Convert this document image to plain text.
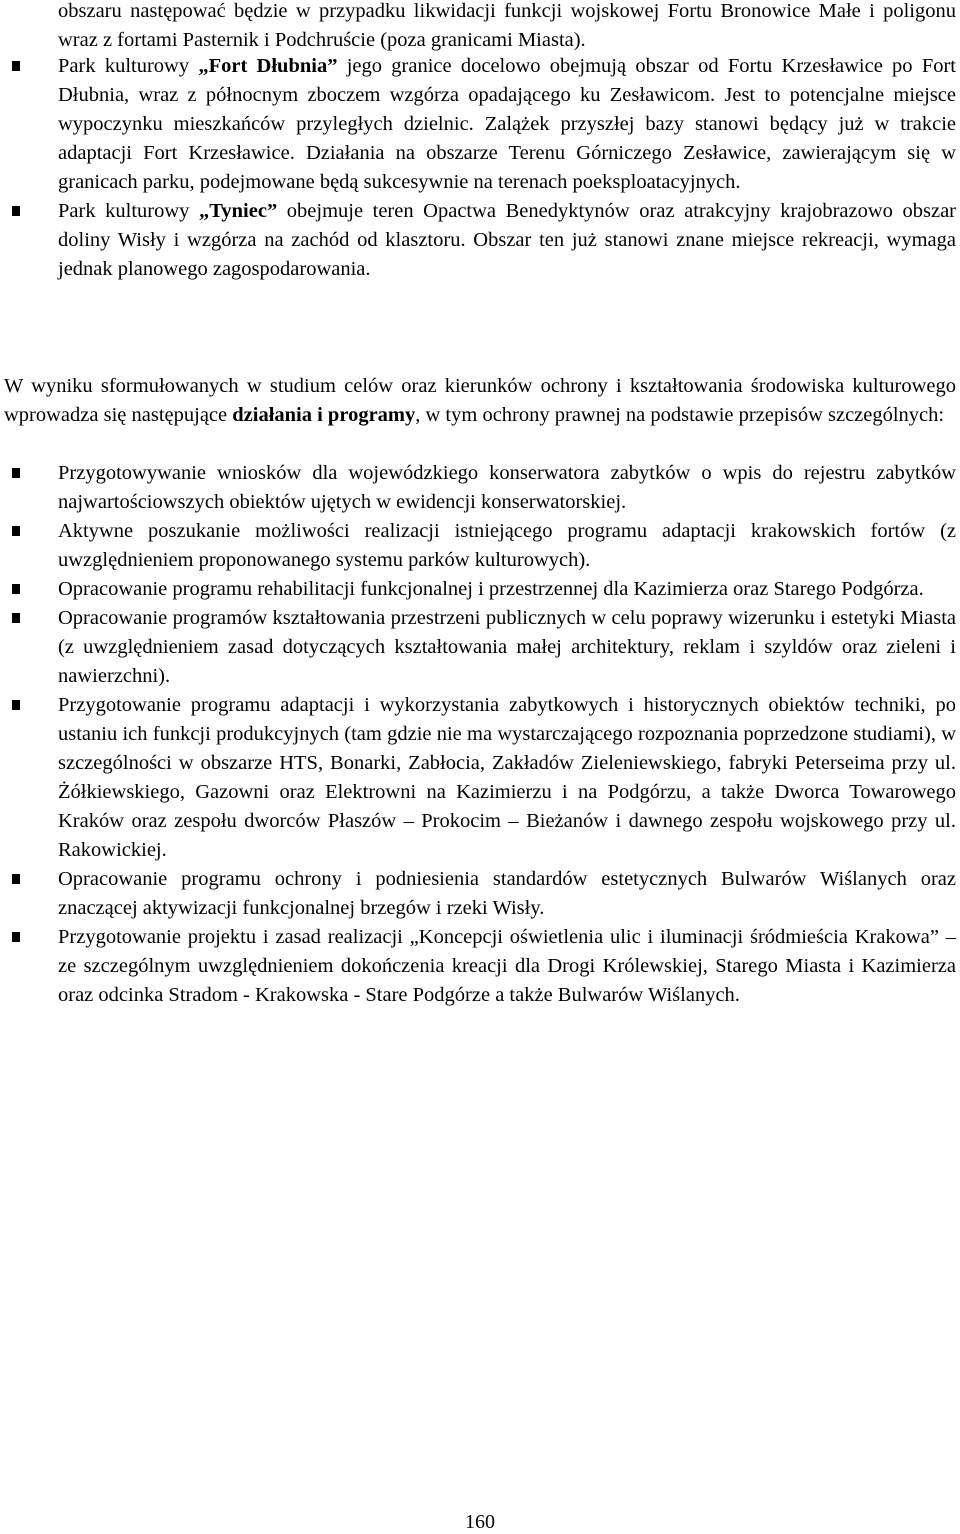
obszaru następować będzie w przypadku likwidacji funkcji wojskowej Fortu Bronowice Małe i poligonu wraz z fortami Pasternik i Podchruście (poza granicami Miasta).

Park kulturowy „Fort Dłubnia” jego granice docelowo obejmują obszar od Fortu Krzesławice po Fort Dłubnia, wraz z północnym zboczem wzgórza opadającego ku Zesławicom. Jest to potencjalne miejsce wypoczynku mieszkańców przyległych dzielnic. Zalążek przyszłej bazy stanowi będący już w trakcie adaptacji Fort Krzesławice. Działania na obszarze Terenu Górniczego Zesławice, zawierającym się w granicach parku, podejmowane będą sukcesywnie na terenach poeksploatacyjnych.
Park kulturowy „Tyniec” obejmuje teren Opactwa Benedyktynów oraz atrakcyjny krajobrazowo obszar doliny Wisły i wzgórza na zachód od klasztoru. Obszar ten już stanowi znane miejsce rekreacji, wymaga jednak planowego zagospodarowania.

W wyniku sformułowanych w studium celów oraz kierunków ochrony i kształtowania środowiska kulturowego wprowadza się następujące działania i programy, w tym ochrony prawnej na podstawie przepisów szczególnych:

Przygotowywanie wniosków dla wojewódzkiego konserwatora zabytków o wpis do rejestru zabytków najwartościowszych obiektów ujętych w ewidencji konserwatorskiej.
Aktywne poszukanie możliwości realizacji istniejącego programu adaptacji krakowskich fortów (z uwzględnieniem proponowanego systemu parków kulturowych).
Opracowanie programu rehabilitacji funkcjonalnej i przestrzennej dla Kazimierza oraz Starego Podgórza.
Opracowanie programów kształtowania przestrzeni publicznych w celu poprawy wizerunku i estetyki Miasta (z uwzględnieniem zasad dotyczących kształtowania małej architektury, reklam i szyldów oraz zieleni i nawierzchni).
Przygotowanie programu adaptacji i wykorzystania zabytkowych i historycznych obiektów techniki, po ustaniu ich funkcji produkcyjnych (tam gdzie nie ma wystarczającego rozpoznania poprzedzone studiami), w szczególności w obszarze HTS, Bonarki, Zabłocia, Zakładów Zieleniewskiego, fabryki Peterseima przy ul. Żółkiewskiego, Gazowni oraz Elektrowni na Kazimierzu i na Podgórzu, a także Dworca Towarowego Kraków oraz zespołu dworców Płaszów – Prokocim – Bieżanów i dawnego zespołu wojskowego przy ul. Rakowickiej.
Opracowanie programu ochrony i podniesienia standardów estetycznych Bulwarów Wiślanych oraz znaczącej aktywizacji funkcjonalnej brzegów i rzeki Wisły.
Przygotowanie projektu i zasad realizacji „Koncepcji oświetlenia ulic i iluminacji śródmieścia Krakowa” – ze szczególnym uwzględnieniem dokończenia kreacji dla Drogi Królewskiej, Starego Miasta i Kazimierza oraz odcinka Stradom - Krakowska - Stare Podgórze a także Bulwarów Wiślanych.
160
